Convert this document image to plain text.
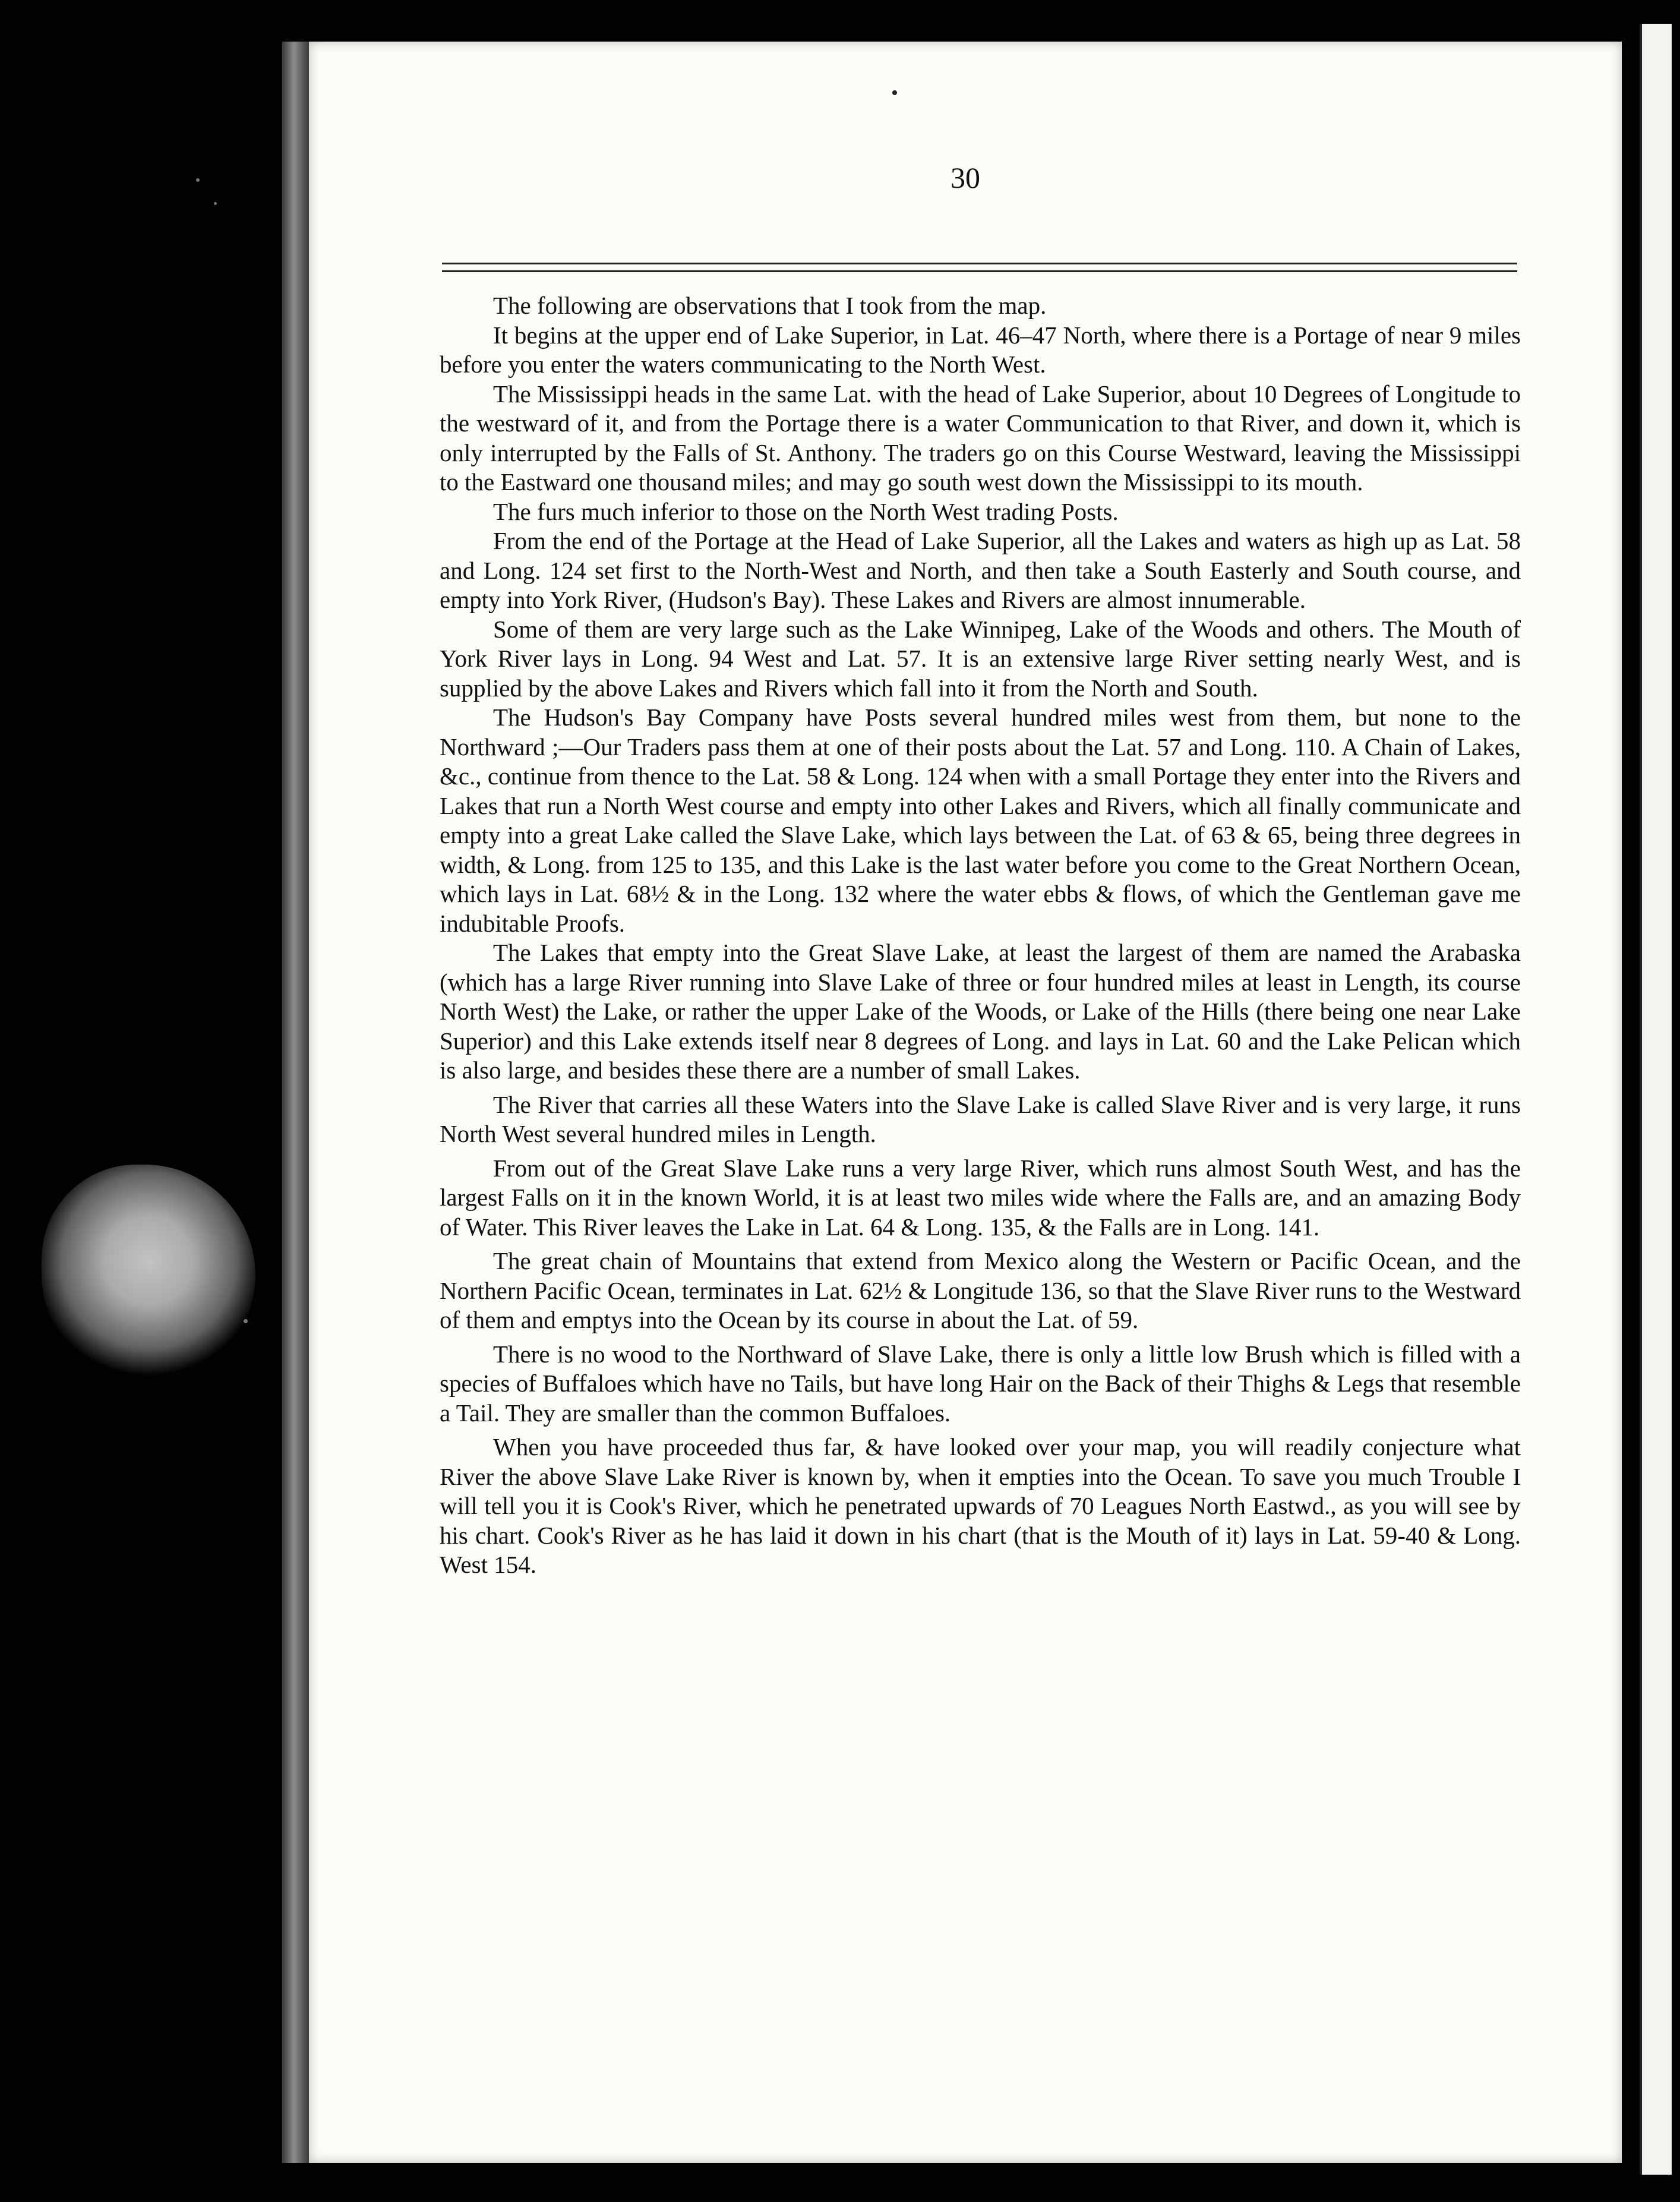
30

The following are observations that I took from the map.

It begins at the upper end of Lake Superior, in Lat. 46–47 North, where there is a Portage of near 9 miles before you enter the waters communicating to the North West.

The Mississippi heads in the same Lat. with the head of Lake Superior, about 10 Degrees of Longitude to the westward of it, and from the Portage there is a water Communication to that River, and down it, which is only interrupted by the Falls of St. Anthony. The traders go on this Course Westward, leaving the Mississippi to the Eastward one thousand miles; and may go south west down the Mississippi to its mouth.

The furs much inferior to those on the North West trading Posts.

From the end of the Portage at the Head of Lake Superior, all the Lakes and waters as high up as Lat. 58 and Long. 124 set first to the North-West and North, and then take a South Easterly and South course, and empty into York River, (Hudson's Bay). These Lakes and Rivers are almost innumerable.

Some of them are very large such as the Lake Winnipeg, Lake of the Woods and others. The Mouth of York River lays in Long. 94 West and Lat. 57. It is an extensive large River setting nearly West, and is supplied by the above Lakes and Rivers which fall into it from the North and South.

The Hudson's Bay Company have Posts several hundred miles west from them, but none to the Northward ;—Our Traders pass them at one of their posts about the Lat. 57 and Long. 110. A Chain of Lakes, &c., continue from thence to the Lat. 58 & Long. 124 when with a small Portage they enter into the Rivers and Lakes that run a North West course and empty into other Lakes and Rivers, which all finally communicate and empty into a great Lake called the Slave Lake, which lays between the Lat. of 63 & 65, being three degrees in width, & Long. from 125 to 135, and this Lake is the last water before you come to the Great Northern Ocean, which lays in Lat. 68½ & in the Long. 132 where the water ebbs & flows, of which the Gentleman gave me indubitable Proofs.

The Lakes that empty into the Great Slave Lake, at least the largest of them are named the Arabaska (which has a large River running into Slave Lake of three or four hundred miles at least in Length, its course North West) the Lake, or rather the upper Lake of the Woods, or Lake of the Hills (there being one near Lake Superior) and this Lake extends itself near 8 degrees of Long. and lays in Lat. 60 and the Lake Pelican which is also large, and besides these there are a number of small Lakes.

The River that carries all these Waters into the Slave Lake is called Slave River and is very large, it runs North West several hundred miles in Length.

From out of the Great Slave Lake runs a very large River, which runs almost South West, and has the largest Falls on it in the known World, it is at least two miles wide where the Falls are, and an amazing Body of Water. This River leaves the Lake in Lat. 64 & Long. 135, & the Falls are in Long. 141.

The great chain of Mountains that extend from Mexico along the Western or Pacific Ocean, and the Northern Pacific Ocean, terminates in Lat. 62½ & Longitude 136, so that the Slave River runs to the Westward of them and emptys into the Ocean by its course in about the Lat. of 59.

There is no wood to the Northward of Slave Lake, there is only a little low Brush which is filled with a species of Buffaloes which have no Tails, but have long Hair on the Back of their Thighs & Legs that resemble a Tail. They are smaller than the common Buffaloes.

When you have proceeded thus far, & have looked over your map, you will readily conjecture what River the above Slave Lake River is known by, when it empties into the Ocean. To save you much Trouble I will tell you it is Cook's River, which he penetrated upwards of 70 Leagues North Eastwd., as you will see by his chart. Cook's River as he has laid it down in his chart (that is the Mouth of it) lays in Lat. 59-40 & Long. West 154.
